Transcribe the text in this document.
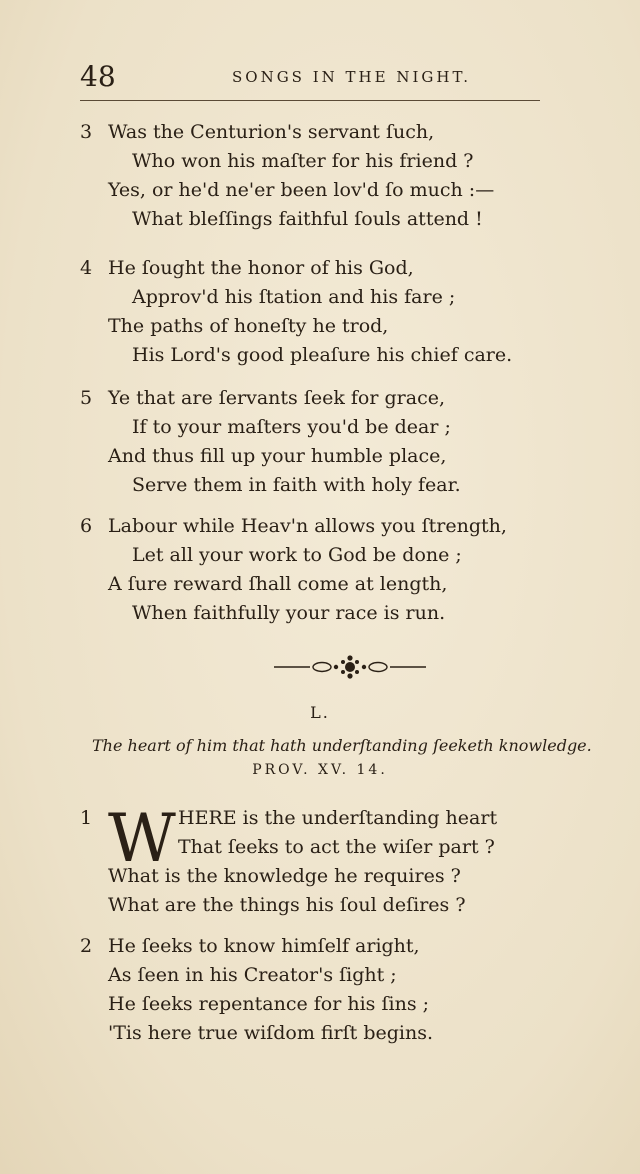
48	SONGS IN THE NIGHT.
3 Was the Centurion's servant ſuch,
Who won his maſter for his friend ?
Yes, or he'd ne'er been lov'd ſo much :—
What bleſſings faithful ſouls attend !
4 He ſought the honor of his God,
Approv'd his ſtation and his fare ;
The paths of honeſty he trod,
His Lord's good pleaſure his chief care.
5 Ye that are ſervants ſeek for grace,
If to your maſters you'd be dear ;
And thus fill up your humble place,
Serve them in faith with holy fear.
6 Labour while Heav'n allows you ſtrength,
Let all your work to God be done ;
A ſure reward ſhall come at length,
When faithfully your race is run.
L.
The heart of him that hath underſtanding ſeeketh knowledge.
PROV. XV. 14.
W
1	HERE is the underſtanding heart
That ſeeks to act the wiſer part ?
What is the knowledge he requires ?
What are the things his ſoul deſires ?
2 He ſeeks to know himſelf aright,
As ſeen in his Creator's ſight ;
He ſeeks repentance for his ſins ;
'Tis here true wiſdom firſt begins.
